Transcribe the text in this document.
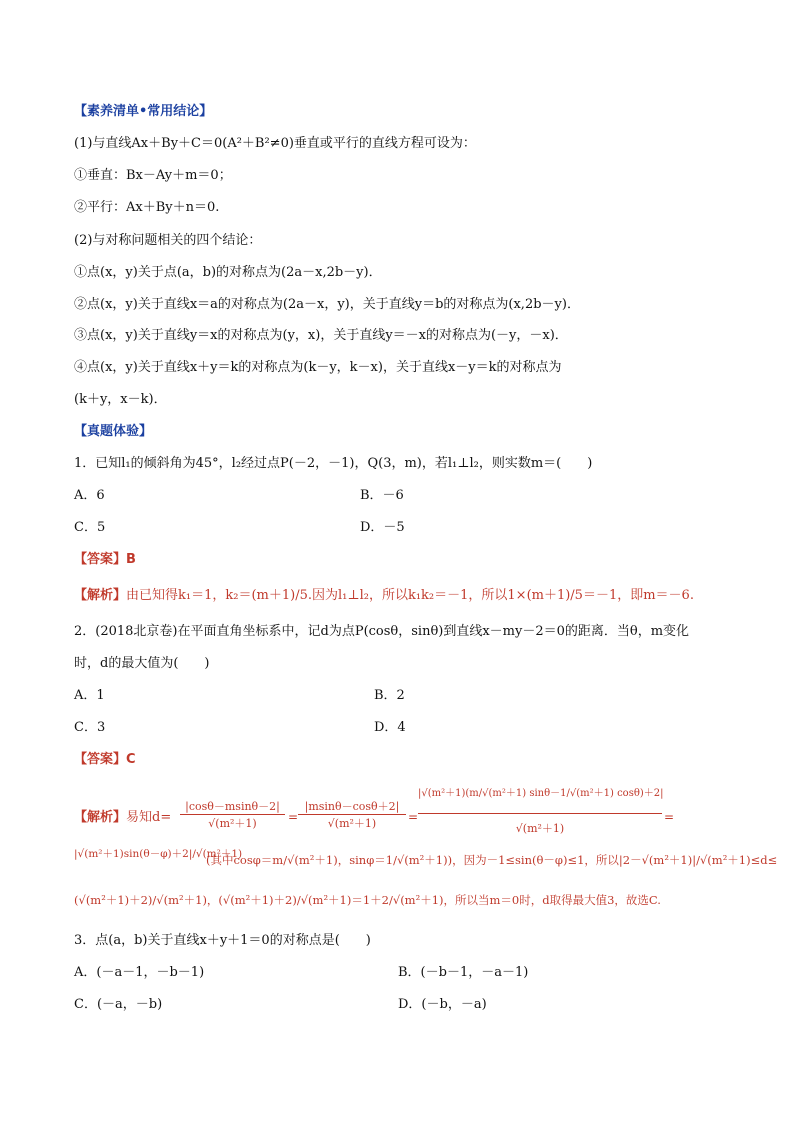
【素养清单•常用结论】
(1)与直线Ax＋By＋C＝0(A²＋B²≠0)垂直或平行的直线方程可设为：
①垂直：Bx－Ay＋m＝0；
②平行：Ax＋By＋n＝0.
(2)与对称问题相关的四个结论：
①点(x，y)关于点(a，b)的对称点为(2a－x,2b－y)．
②点(x，y)关于直线x＝a的对称点为(2a－x，y)，关于直线y＝b的对称点为(x,2b－y)．
③点(x，y)关于直线y＝x的对称点为(y，x)，关于直线y＝－x的对称点为(－y，－x)．
④点(x，y)关于直线x＋y＝k的对称点为(k－y，k－x)，关于直线x－y＝k的对称点为
(k＋y，x－k)．
【真题体验】
1．已知l₁的倾斜角为45°，l₂经过点P(－2，－1)，Q(3，m)，若l₁⊥l₂，则实数m＝(　　)
A．6	B．－6
C．5	D．－5
【答案】B
【解析】由已知得k₁＝1，k₂＝(m＋1)/5.因为l₁⊥l₂，所以k₁k₂＝－1，所以1×(m＋1)/5＝－1，即m＝－6.
2．(2018北京卷)在平面直角坐标系中，记d为点P(cosθ，sinθ)到直线x－my－2＝0的距离．当θ，m变化
时，d的最大值为(　　)
A．1	B．2
C．3	D．4
【答案】C
【解析】易知$d= \frac{|\cos\theta-msin\theta-2|}{\text{√(m²＋1)}} = \frac{|msin\theta-\cos\theta+2|}{\text{√(m²＋1)}} = \frac{\text{|√(m²＋1)(m/√(m²＋1) sinθ－1/√(m²＋1) cosθ)＋2|}}{\text{√(m²＋1)}}$ =
|√(m²＋1)sin(θ－φ)＋2|/√(m²＋1)
(其中cosφ＝m/√(m²＋1)，sinφ＝1/√(m²＋1))，因为－1≤sin(θ－φ)≤1，所以|2－√(m²＋1)|/√(m²＋1)≤d≤
(√(m²＋1)＋2)/√(m²＋1)，(√(m²＋1)＋2)/√(m²＋1)＝1＋2/√(m²＋1)，所以当m＝0时，d取得最大值3，故选C.
3．点(a，b)关于直线x＋y＋1＝0的对称点是(　　)
A．(－a－1，－b－1)	B．(－b－1，－a－1)
C．(－a，－b)	D．(－b，－a)
